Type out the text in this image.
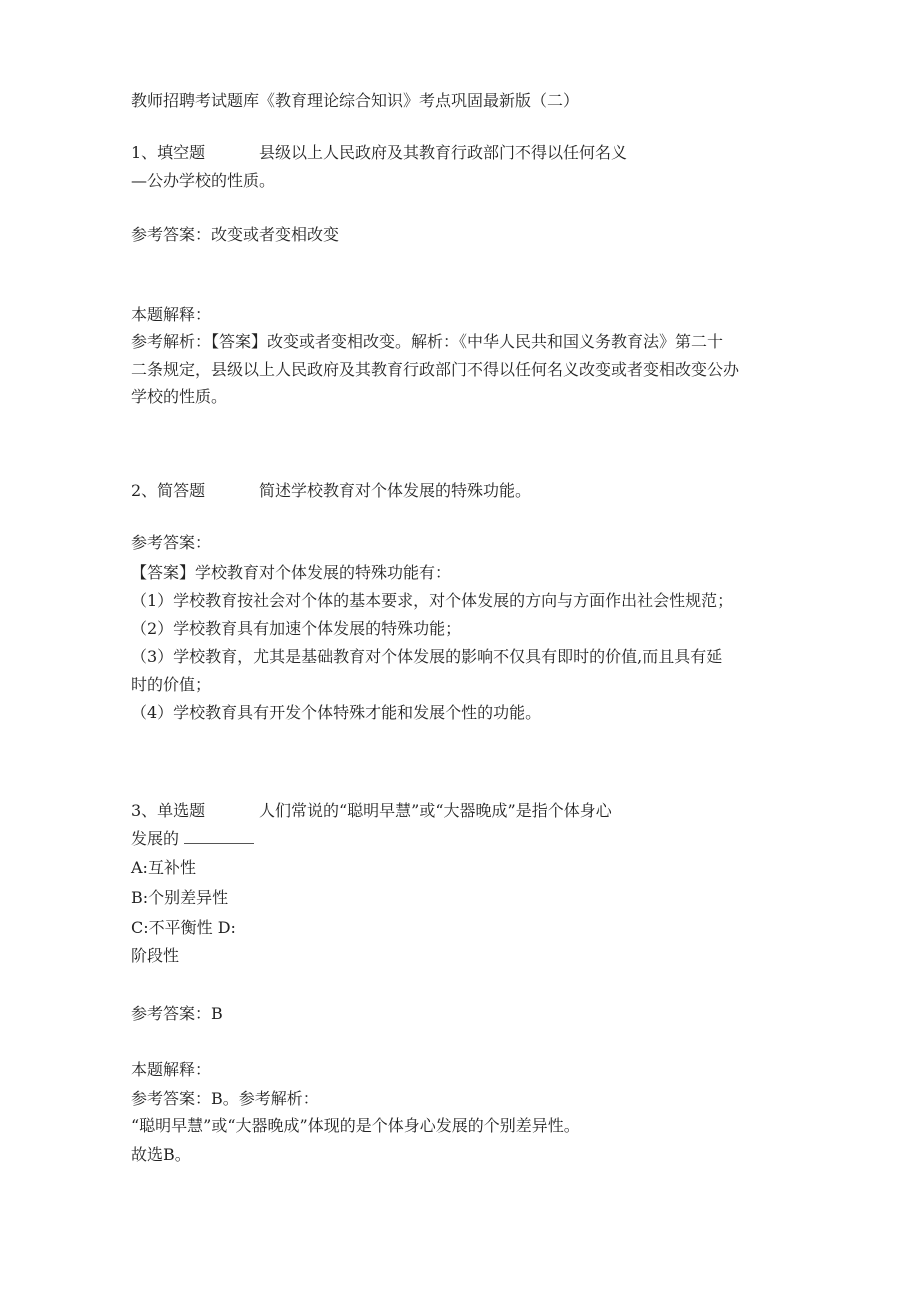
教师招聘考试题库《教育理论综合知识》考点巩固最新版（二）
1、填空题	县级以上人民政府及其教育行政部门不得以任何名义
—公办学校的性质。
参考答案：改变或者变相改变
本题解释：
参考解析：【答案】改变或者变相改变。解析：《中华人民共和国义务教育法》第二十
二条规定，县级以上人民政府及其教育行政部门不得以任何名义改变或者变相改变公办
学校的性质。
2、简答题	简述学校教育对个体发展的特殊功能。
参考答案：
【答案】学校教育对个体发展的特殊功能有：
（1）学校教育按社会对个体的基本要求，对个体发展的方向与方面作出社会性规范；
（2）学校教育具有加速个体发展的特殊功能；
（3）学校教育，尤其是基础教育对个体发展的影响不仅具有即时的价值,而且具有延
时的价值；
（4）学校教育具有开发个体特殊才能和发展个性的功能。
3、单选题	人们常说的“聪明早慧”或“大器晚成”是指个体身心
发展的
A:互补性
B:个别差异性
C:不平衡性 D:
阶段性
参考答案：B
本题解释：
参考答案：B。参考解析：
“聪明早慧”或“大器晚成”体现的是个体身心发展的个别差异性。
故选B。
